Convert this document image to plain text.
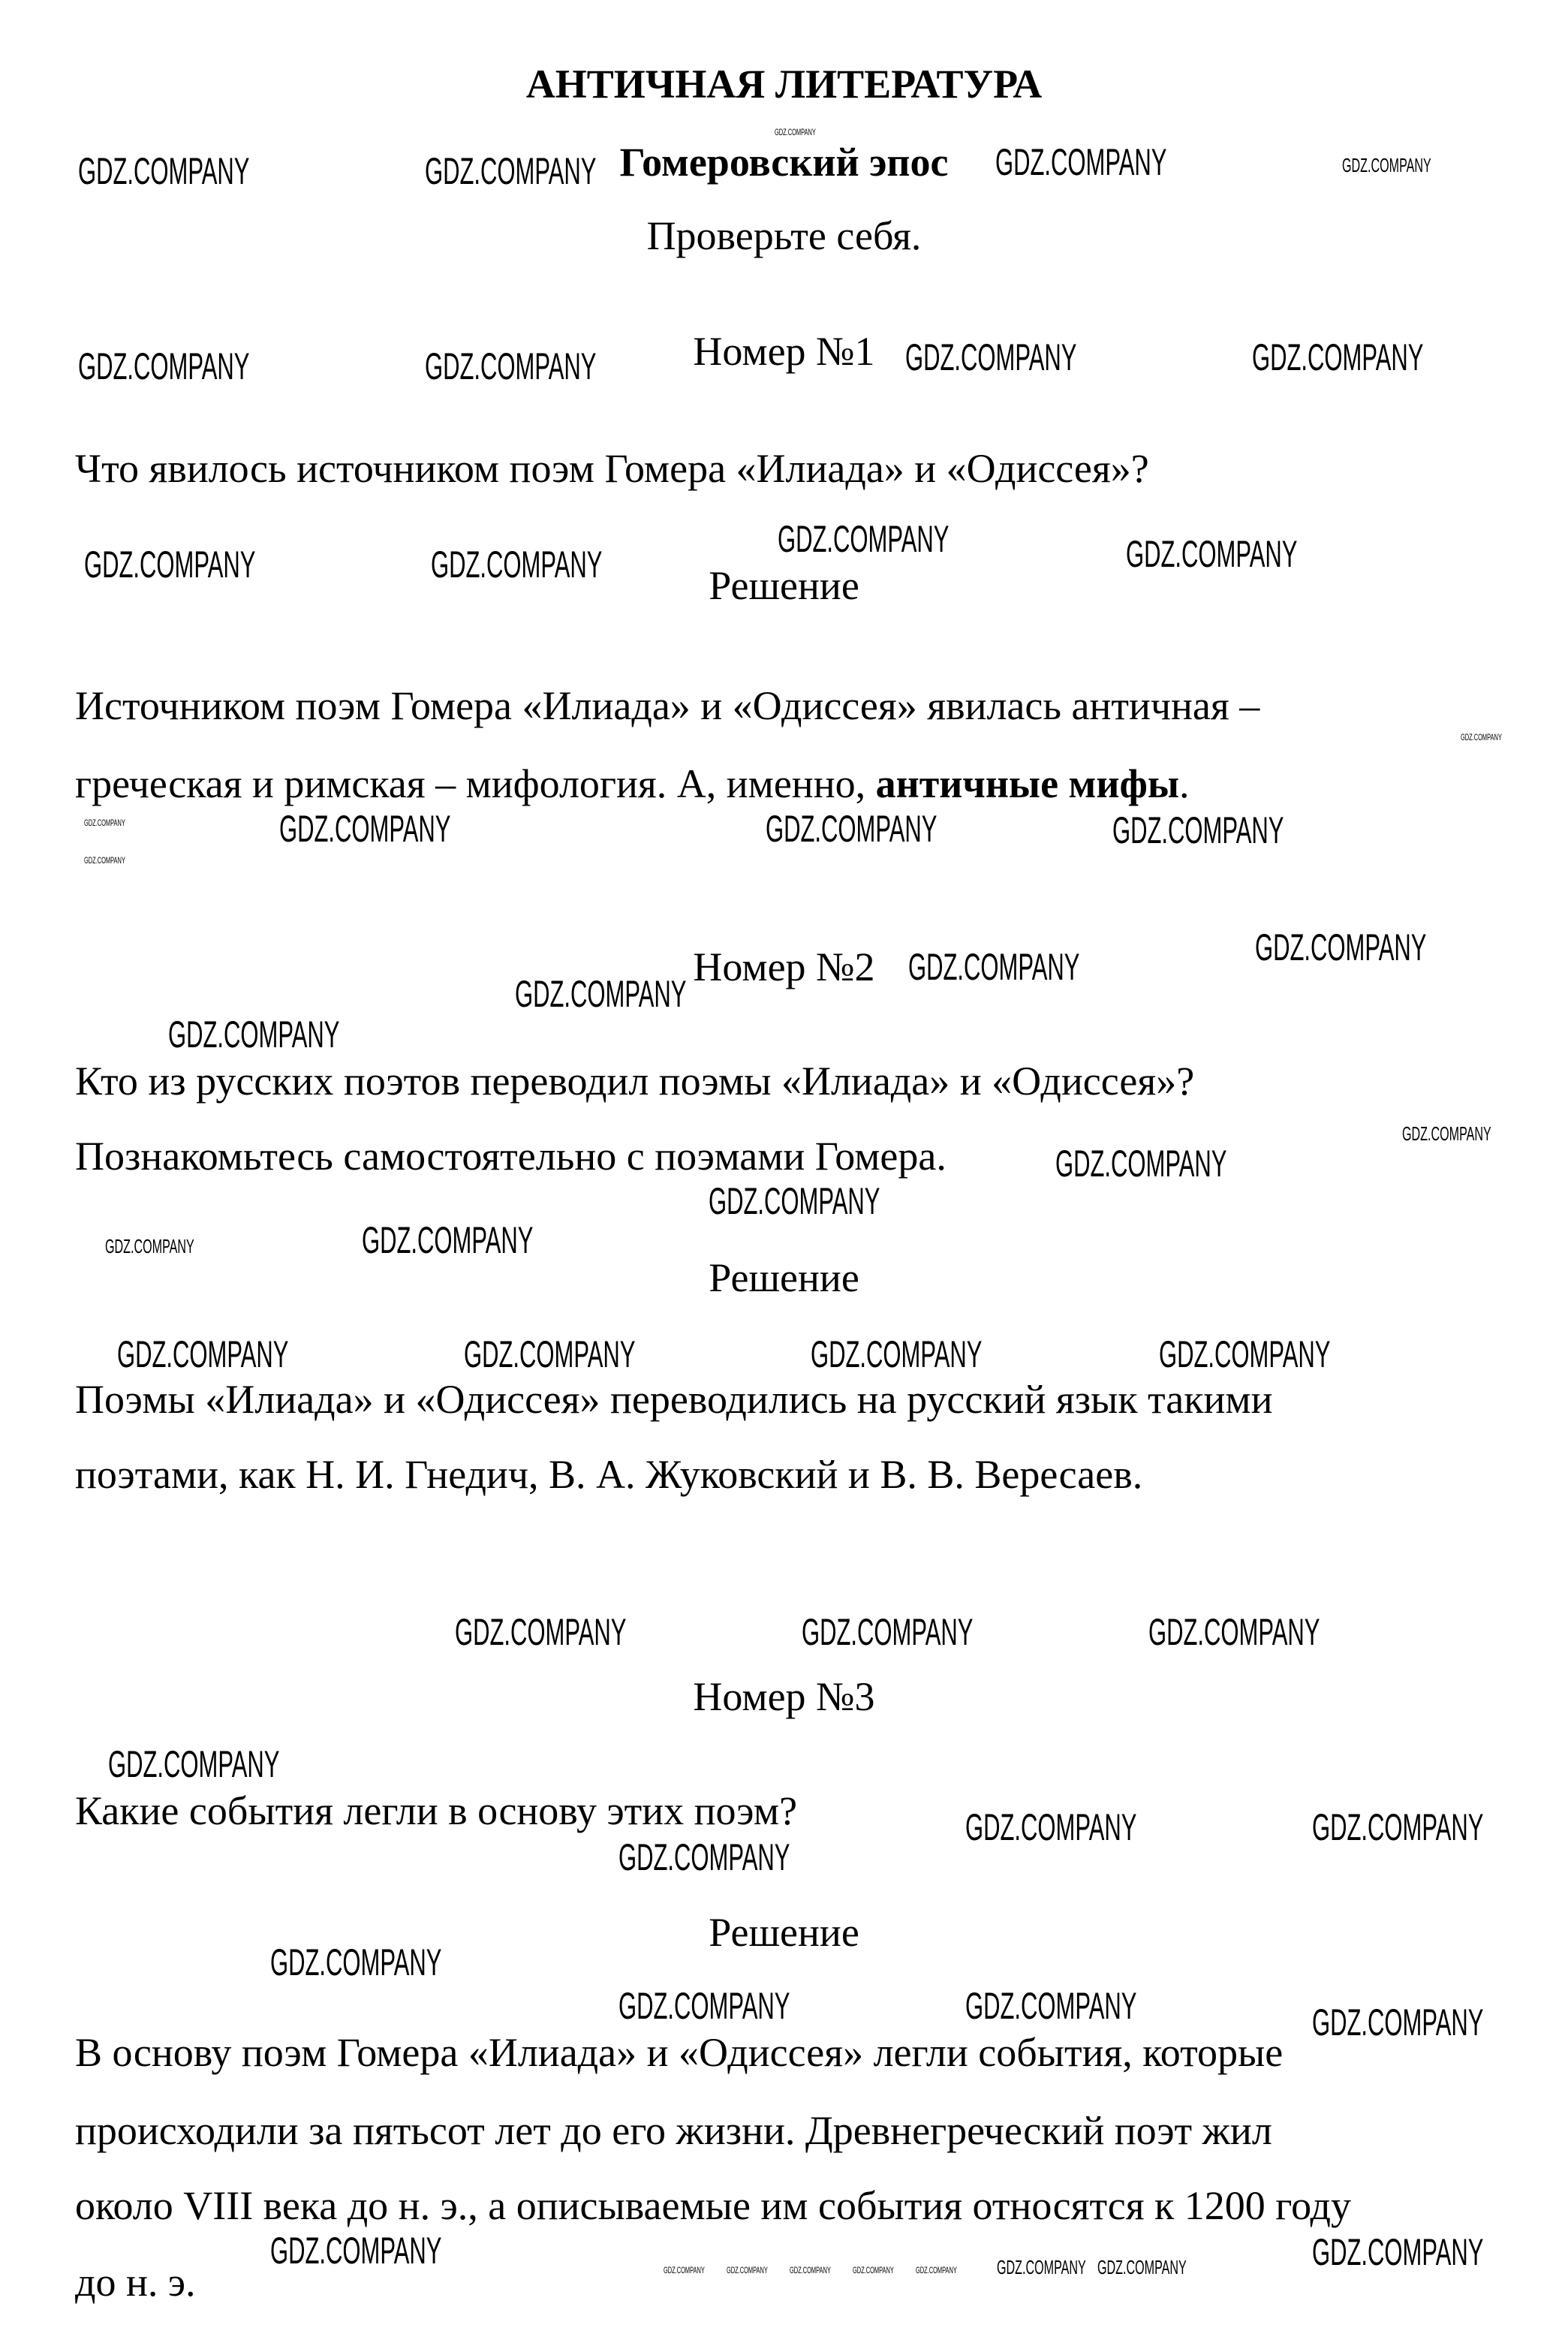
АНТИЧНАЯ ЛИТЕРАТУРА
Гомеровский эпос
Проверьте себя.
Номер №1
Что явилось источником поэм Гомера «Илиада» и «Одиссея»?
Решение
Источником поэм Гомера «Илиада» и «Одиссея» явилась античная –
греческая и римская – мифология. А, именно, античные мифы.
Номер №2
Кто из русских поэтов переводил поэмы «Илиада» и «Одиссея»?
Познакомьтесь самостоятельно с поэмами Гомера.
Решение
Поэмы «Илиада» и «Одиссея» переводились на русский язык такими
поэтами, как Н. И. Гнедич, В. А. Жуковский и В. В. Вересаев.
Номер №3
Какие события легли в основу этих поэм?
Решение
В основу поэм Гомера «Илиада» и «Одиссея» легли события, которые
происходили за пятьсот лет до его жизни. Древнегреческий поэт жил
около VIII века до н. э., а описываемые им события относятся к 1200 году
до н. э.
GDZ.COMPANY	GDZ.COMPANY	GDZ.COMPANY	GDZ.COMPANY
GDZ.COMPANY	GDZ.COMPANY	GDZ.COMPANY	GDZ.COMPANY
GDZ.COMPANY	GDZ.COMPANY
GDZ.COMPANY	GDZ.COMPANY
GDZ.COMPANY	GDZ.COMPANY	GDZ.COMPANY
GDZ.COMPANY
GDZ.COMPANY
GDZ.COMPANY
GDZ.COMPANY
GDZ.COMPANY
GDZ.COMPANY
GDZ.COMPANY
GDZ.COMPANY
GDZ.COMPANY
GDZ.COMPANY
GDZ.COMPANY
GDZ.COMPANY	GDZ.COMPANY
GDZ.COMPANY
GDZ.COMPANY	GDZ.COMPANY	GDZ.COMPANY
GDZ.COMPANY	GDZ.COMPANY	GDZ.COMPANY
GDZ.COMPANY
GDZ.COMPANY	GDZ.COMPANY
GDZ.COMPANY
GDZ.COMPANY
GDZ.COMPANY
GDZ.COMPANY	GDZ.COMPANY
GDZ.COMPANY	GDZ.COMPANY
GDZ.COMPANY GDZ.COMPANY GDZ.COMPANY GDZ.COMPANY GDZ.COMPANY GDZ.COMPANY GDZ.COMPANY
